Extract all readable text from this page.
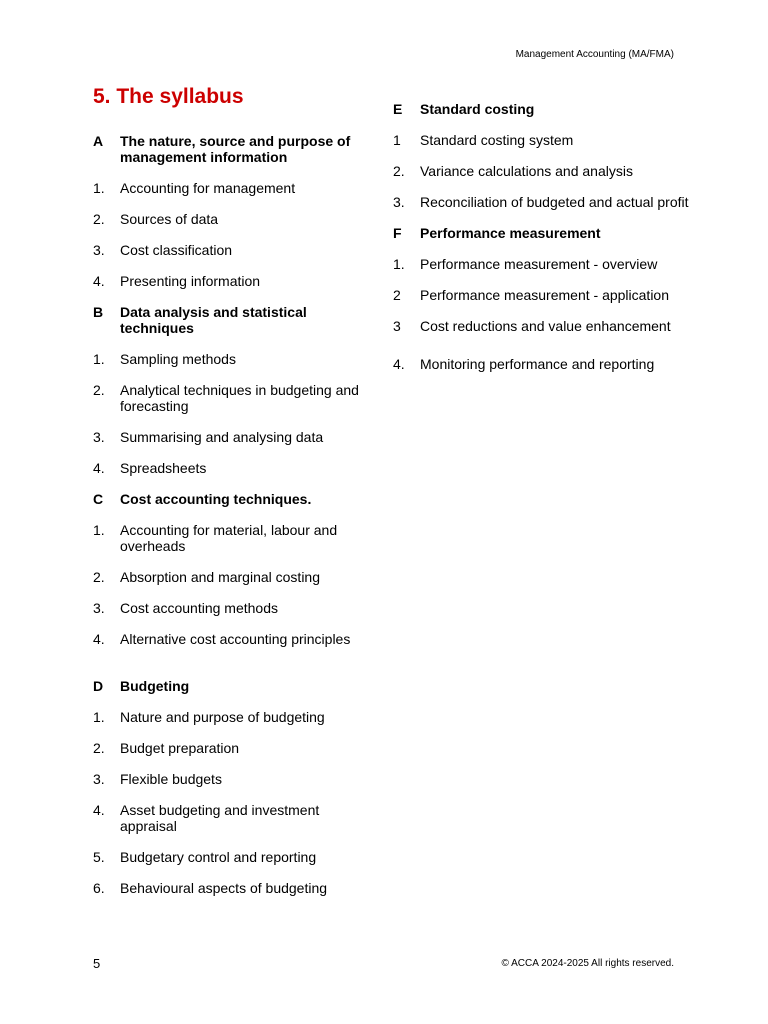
Management Accounting (MA/FMA)
5. The syllabus
A	The nature, source and purpose of management information
1.	Accounting for management
2.	Sources of data
3.	Cost classification
4.	Presenting information
B	Data analysis and statistical techniques
1.	Sampling methods
2.	Analytical techniques in budgeting and forecasting
3.	Summarising and analysing data
4.	Spreadsheets
C	Cost accounting techniques.
1.	Accounting for material, labour and overheads
2.	Absorption and marginal costing
3.	Cost accounting methods
4.	Alternative cost accounting principles
D	Budgeting
1.	Nature and purpose of budgeting
2.	Budget preparation
3.	Flexible budgets
4.	Asset budgeting and investment appraisal
5.	Budgetary control and reporting
6.	Behavioural aspects of budgeting
E	Standard costing
1	Standard costing system
2.	Variance calculations and analysis
3.	Reconciliation of budgeted and actual profit
F	Performance measurement
1.	Performance measurement - overview
2	Performance measurement - application
3	Cost reductions and value enhancement
4.	Monitoring performance and reporting
5	© ACCA 2024-2025 All rights reserved.
